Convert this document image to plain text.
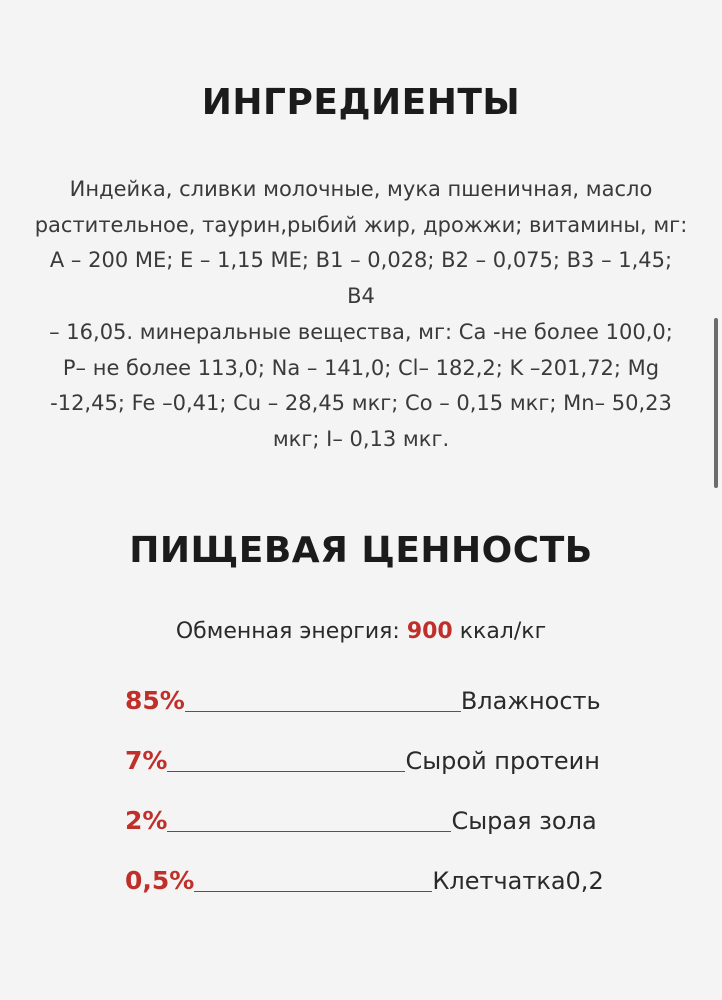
ИНГРЕДИЕНТЫ
Индейка, сливки молочные, мука пшеничная, масло
растительное, таурин,рыбий жир, дрожжи; витамины, мг:
A – 200 ME; E – 1,15 ME; B1 – 0,028; B2 – 0,075; B3 – 1,45; B4
– 16,05. минеральные вещества, мг: Ca -не более 100,0;
P– не более 113,0; Na – 141,0; Cl– 182,2; K –201,72; Mg
-12,45; Fe –0,41; Cu – 28,45 мкг; Co – 0,15 мкг; Mn– 50,23
мкг; I– 0,13 мкг.
ПИЩЕВАЯ ЦЕННОСТЬ
Обменная энергия: 900 ккал/кг
85%	Влажность
7%	Сырой протеин
2%	Сырая зола
0,5%	Клетчатка0,2
